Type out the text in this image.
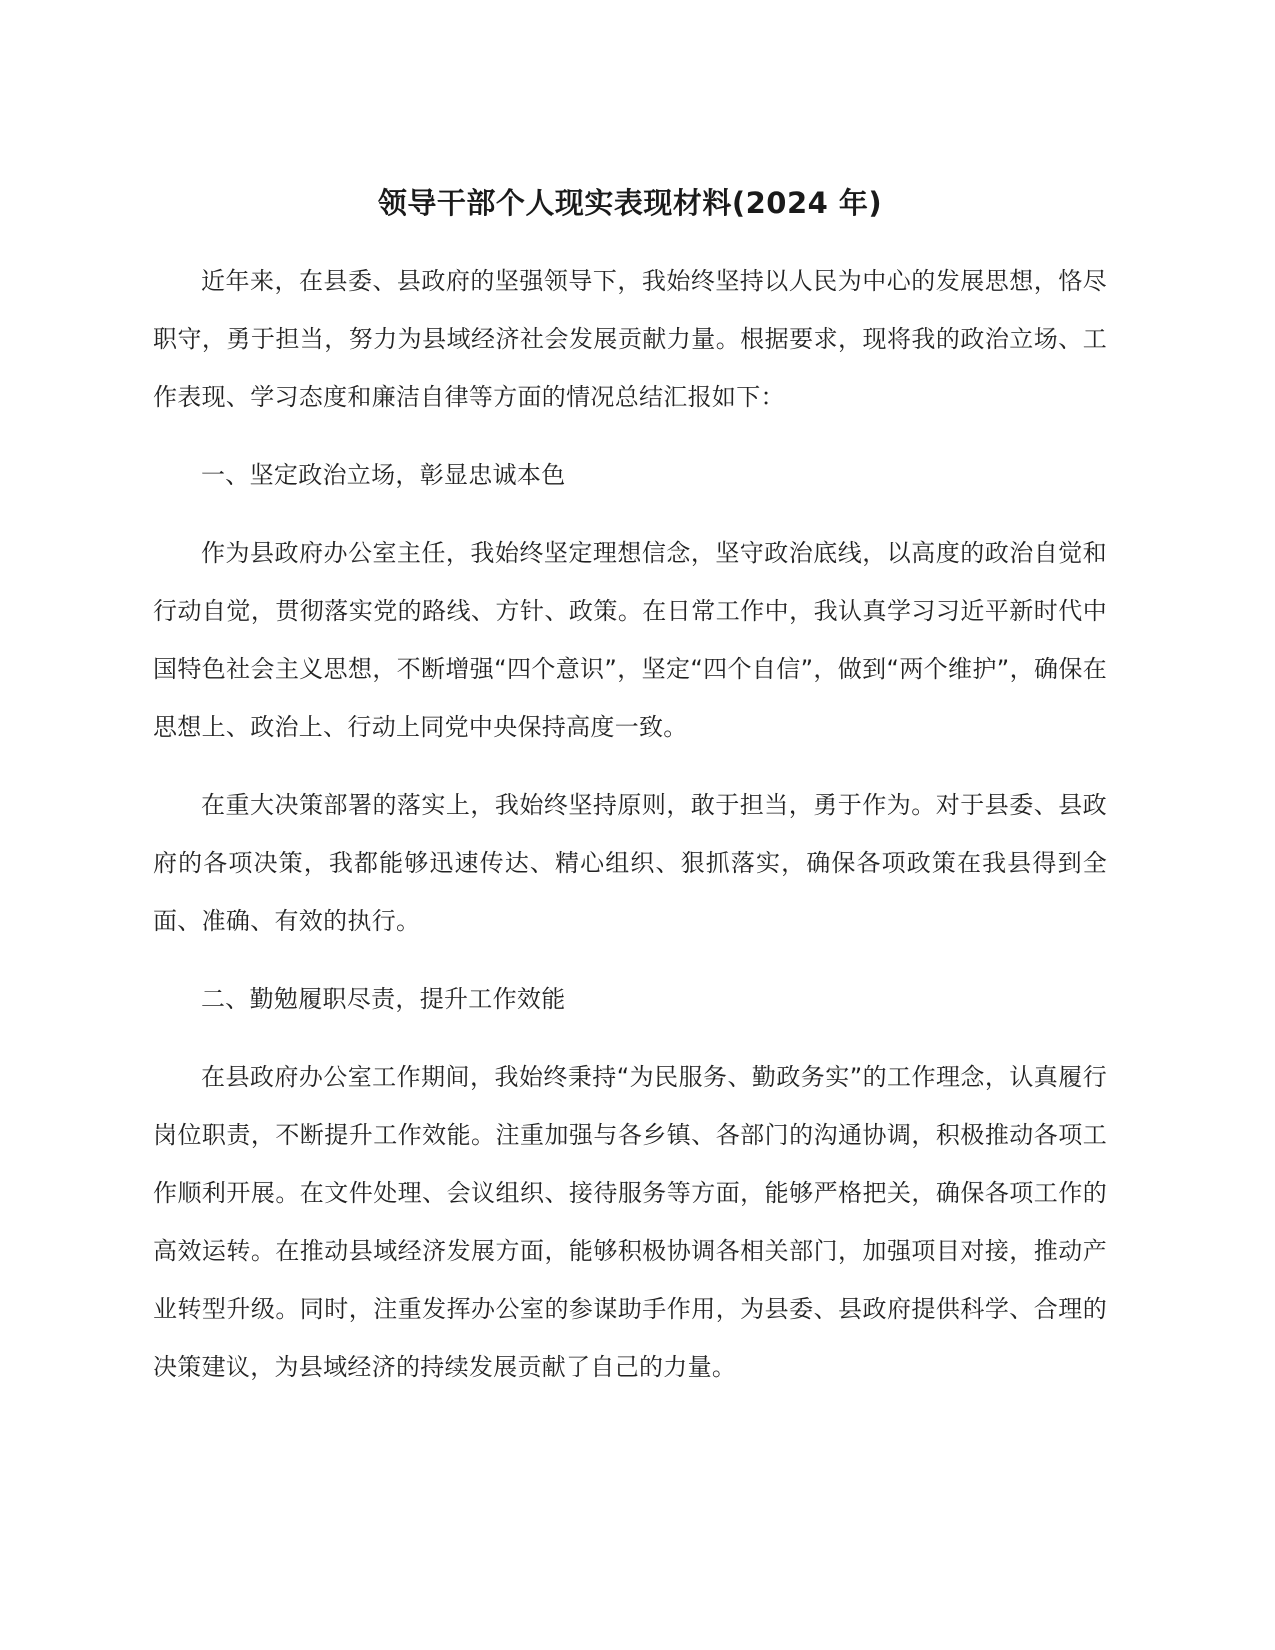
领导干部个人现实表现材料(2024 年)

近年来，在县委、县政府的坚强领导下，我始终坚持以人民为中心的发展思想，恪尽职守，勇于担当，努力为县域经济社会发展贡献力量。根据要求，现将我的政治立场、工作表现、学习态度和廉洁自律等方面的情况总结汇报如下：

一、坚定政治立场，彰显忠诚本色

作为县政府办公室主任，我始终坚定理想信念，坚守政治底线，以高度的政治自觉和行动自觉，贯彻落实党的路线、方针、政策。在日常工作中，我认真学习习近平新时代中国特色社会主义思想，不断增强“四个意识”，坚定“四个自信”，做到“两个维护”，确保在思想上、政治上、行动上同党中央保持高度一致。

在重大决策部署的落实上，我始终坚持原则，敢于担当，勇于作为。对于县委、县政府的各项决策，我都能够迅速传达、精心组织、狠抓落实，确保各项政策在我县得到全面、准确、有效的执行。

二、勤勉履职尽责，提升工作效能

在县政府办公室工作期间，我始终秉持“为民服务、勤政务实”的工作理念，认真履行岗位职责，不断提升工作效能。注重加强与各乡镇、各部门的沟通协调，积极推动各项工作顺利开展。在文件处理、会议组织、接待服务等方面，能够严格把关，确保各项工作的高效运转。在推动县域经济发展方面，能够积极协调各相关部门，加强项目对接，推动产业转型升级。同时，注重发挥办公室的参谋助手作用，为县委、县政府提供科学、合理的决策建议，为县域经济的持续发展贡献了自己的力量。
